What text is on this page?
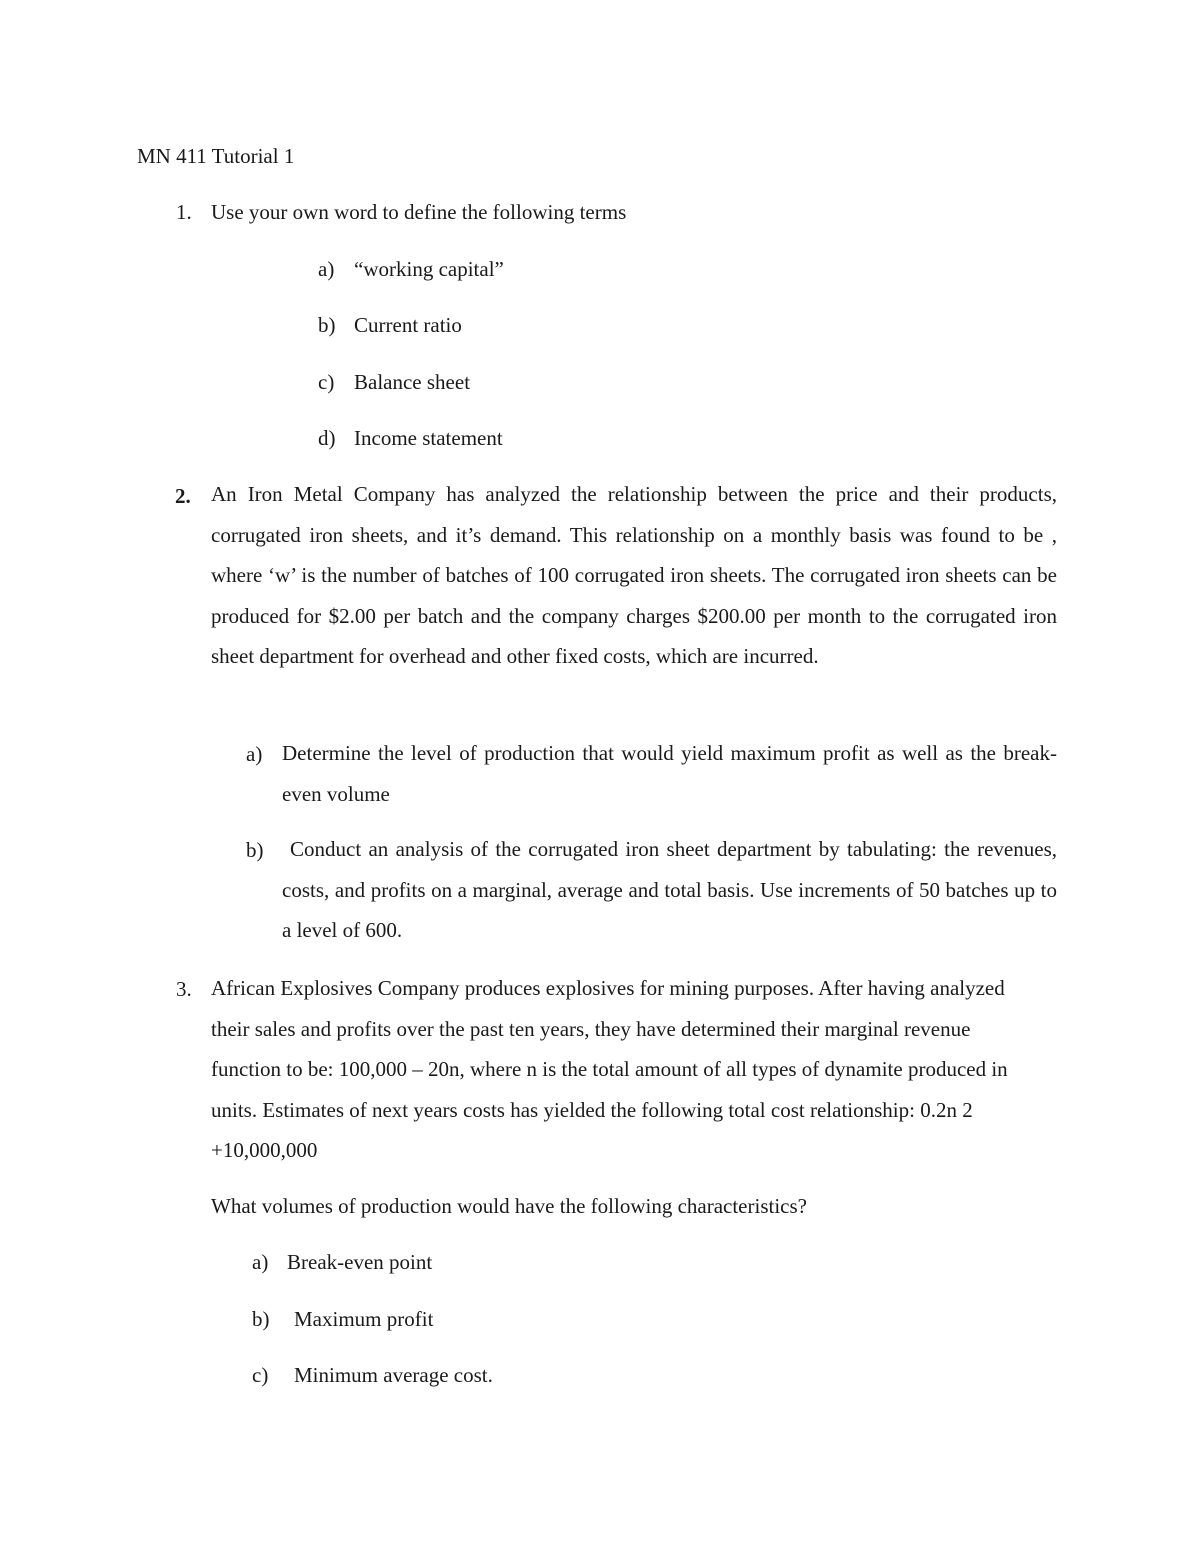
MN 411 Tutorial 1
1. Use your own word to define the following terms
a) “working capital”
b) Current ratio
c) Balance sheet
d) Income statement
2. An Iron Metal Company has analyzed the relationship between the price and their products, corrugated iron sheets, and it’s demand. This relationship on a monthly basis was found to be , where ‘w’ is the number of batches of 100 corrugated iron sheets. The corrugated iron sheets can be produced for $2.00 per batch and the company charges $200.00 per month to the corrugated iron sheet department for overhead and other fixed costs, which are incurred.
a) Determine the level of production that would yield maximum profit as well as the break-even volume
b)	Conduct an analysis of the corrugated iron sheet department by tabulating: the revenues, costs, and profits on a marginal, average and total basis. Use increments of 50 batches up to a level of 600.
3. African Explosives Company produces explosives for mining purposes. After having analyzed their sales and profits over the past ten years, they have determined their marginal revenue function to be: 100,000 – 20n, where n is the total amount of all types of dynamite produced in units. Estimates of next years costs has yielded the following total cost relationship: 0.2n 2 +10,000,000
What volumes of production would have the following characteristics?
a) Break-even point
b) Maximum profit
c) Minimum average cost.
